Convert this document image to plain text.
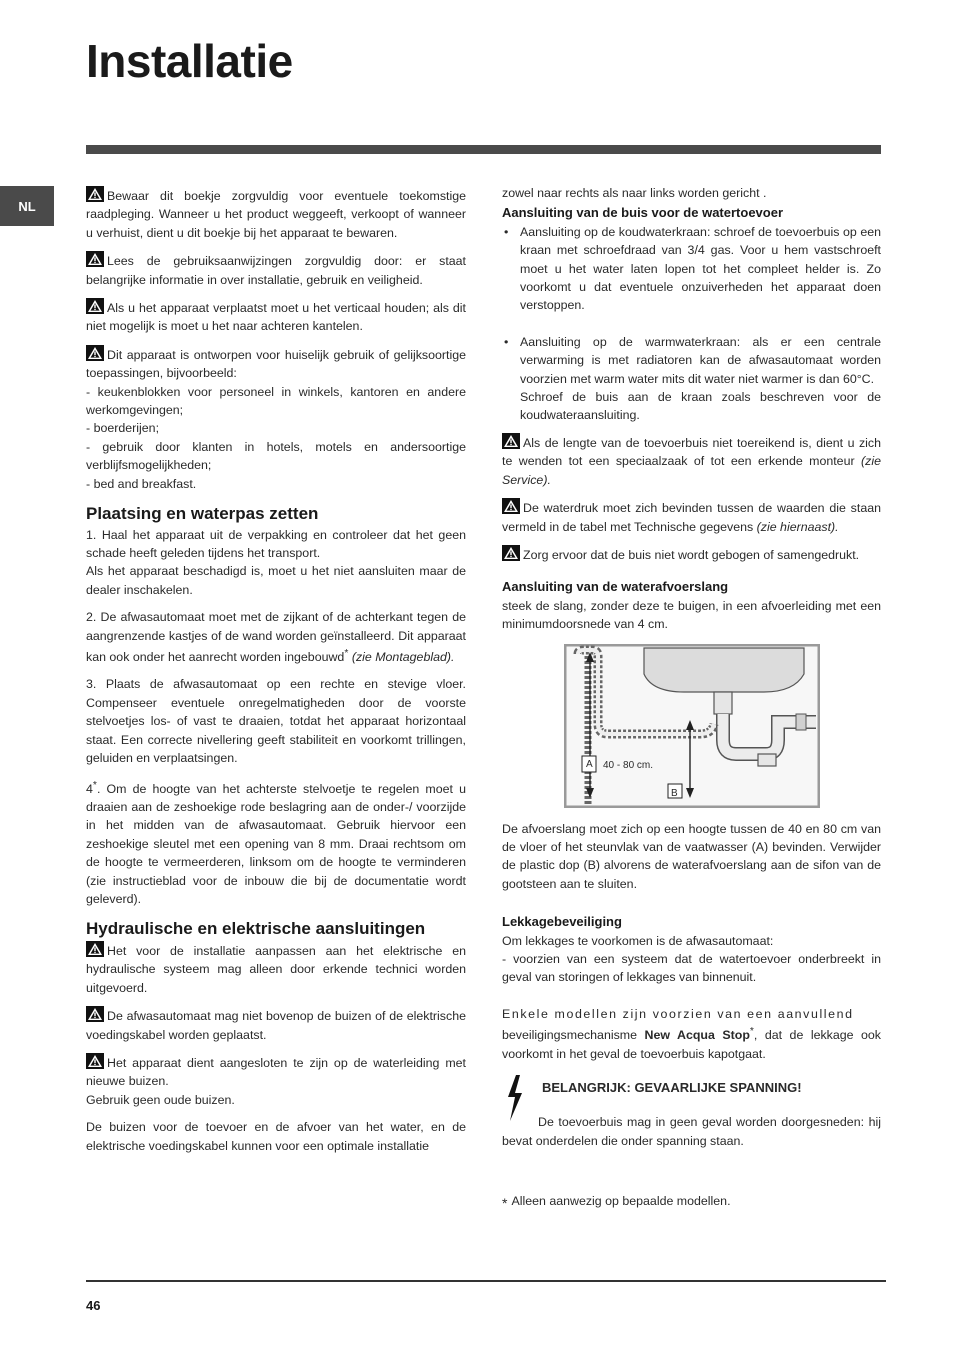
Installatie
NL

Bewaar dit boekje zorgvuldig voor eventuele toekomstige raadpleging. Wanneer u het product weggeeft, verkoopt of wanneer u verhuist, dient u dit boekje bij het apparaat te bewaren.

Lees de gebruiksaanwijzingen zorgvuldig door: er staat belangrijke informatie in over installatie, gebruik en veiligheid.

Als u het apparaat verplaatst moet u het verticaal houden; als dit niet mogelijk is moet u het naar achteren kantelen.

Dit apparaat is ontworpen voor huiselijk gebruik of gelijksoortige toepassingen, bijvoorbeeld:

- keukenblokken voor personeel in winkels, kantoren en andere werkomgevingen;

- boerderijen;

- gebruik door klanten in hotels, motels en andersoortige verblijfsmogelijkheden;

- bed and breakfast.

Plaatsing en waterpas zetten

1. Haal het apparaat uit de verpakking en controleer dat het geen schade heeft geleden tijdens het transport.

Als het apparaat beschadigd is, moet u het niet aansluiten maar de dealer inschakelen.

2. De afwasautomaat moet met de zijkant of de achterkant tegen de aangrenzende kastjes of de wand worden geïnstalleerd. Dit apparaat kan ook onder het aanrecht worden ingebouwd* (zie Montageblad).

3. Plaats de afwasautomaat op een rechte en stevige vloer. Compenseer eventuele onregelmatigheden door de voorste stelvoetjes los- of vast te draaien, totdat het apparaat horizontaal staat. Een correcte nivellering geeft stabiliteit en voorkomt trillingen, geluiden en verplaatsingen.

4*. Om de hoogte van het achterste stelvoetje te regelen moet u draaien aan de zeshoekige rode beslagring aan de onder-/ voorzijde in het midden van de afwasautomaat. Gebruik hiervoor een zeshoekige sleutel met een opening van 8 mm. Draai rechtsom om de hoogte te vermeerderen, linksom om de hoogte te verminderen (zie instructieblad voor de inbouw die bij de documentatie wordt geleverd).

Hydraulische en elektrische aansluitingen

Het voor de installatie aanpassen aan het elektrische en hydraulische systeem mag alleen door erkende technici worden uitgevoerd.

De afwasautomaat mag niet bovenop de buizen of de elektrische voedingskabel worden geplaatst.

Het apparaat dient aangesloten te zijn op de waterleiding met nieuwe buizen.

Gebruik geen oude buizen.

De buizen voor de toevoer en de afvoer van het water, en de elektrische voedingskabel kunnen voor een optimale installatie

zowel naar rechts als naar links worden gericht .

Aansluiting van de buis voor de watertoevoer
• Aansluiting op de koudwaterkraan: schroef de toevoerbuis op een kraan met schroefdraad van 3/4 gas. Voor u hem vastschroeft moet u het water laten lopen tot het compleet helder is. Zo voorkomt u dat eventuele onzuiverheden het apparaat doen verstoppen.
• Aansluiting op de warmwaterkraan: als er een centrale verwarming is met radiatoren kan de afwasautomaat worden voorzien met warm water mits dit water niet warmer is dan 60°C.
Schroef de buis aan de kraan zoals beschreven voor de koudwateraansluiting.

Als de lengte van de toevoerbuis niet toereikend is, dient u zich te wenden tot een speciaalzaak of tot een erkende monteur (zie Service).

De waterdruk moet zich bevinden tussen de waarden die staan vermeld in de tabel met Technische gegevens (zie hiernaast).

Zorg ervoor dat de buis niet wordt gebogen of samengedrukt.

Aansluiting van de waterafvoerslang

steek de slang, zonder deze te buigen, in een afvoerleiding met een minimumdoorsnede van 4 cm.

A 40 - 80 cm.
B

De afvoerslang moet zich op een hoogte tussen de 40 en 80 cm van de vloer of het steunvlak van de vaatwasser (A) bevinden. Verwijder de plastic dop (B) alvorens de waterafvoerslang aan de sifon van de gootsteen aan te sluiten.

Lekkagebeveiliging

Om lekkages te voorkomen is de afwasautomaat:

- voorzien van een systeem dat de watertoevoer onderbreekt in geval van storingen of lekkages van binnenuit.

Enkele modellen zijn voorzien van een aanvullend
beveiligingsmechanisme New Acqua Stop*, dat de lekkage ook voorkomt in het geval de toevoerbuis kapotgaat.

BELANGRIJK: GEVAARLIJKE SPANNING!

De toevoerbuis mag in geen geval worden doorgesneden: hij bevat onderdelen die onder spanning staan.

* Alleen aanwezig op bepaalde modellen.
46
